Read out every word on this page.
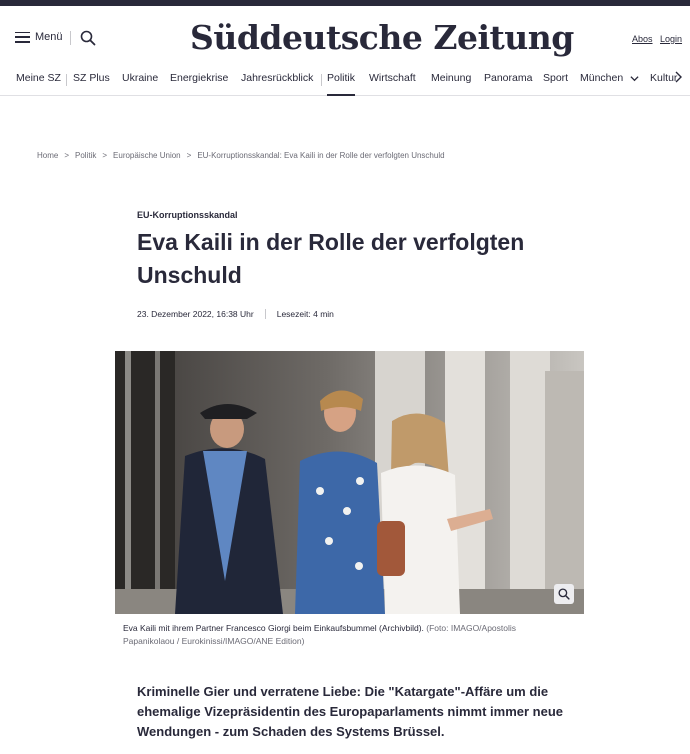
Menü	Süddeutsche Zeitung	Abos Login
Meine SZ SZ Plus Ukraine Energiekrise Jahresrückblick Politik Wirtschaft Meinung Panorama Sport München	Kultur
Home > Politik > Europäische Union > EU-Korruptionsskandal: Eva Kaili in der Rolle der verfolgten Unschuld
EU-Korruptionsskandal
Eva Kaili in der Rolle der verfolgten Unschuld
23. Dezember 2022, 16:38 Uhr	Lesezeit:
4 min
Eva Kaili mit ihrem Partner Francesco Giorgi beim Einkaufsbummel (Archivbild). (Foto: IMAGO/Apostolis Papanikolaou / Eurokinissi/IMAGO/ANE Edition)

Kriminelle Gier und verratene Liebe: Die "Katargate"-Affäre um die ehemalige Vizepräsidentin des Europaparlaments nimmt immer neue Wendungen - zum Schaden des Systems Brüssel.
